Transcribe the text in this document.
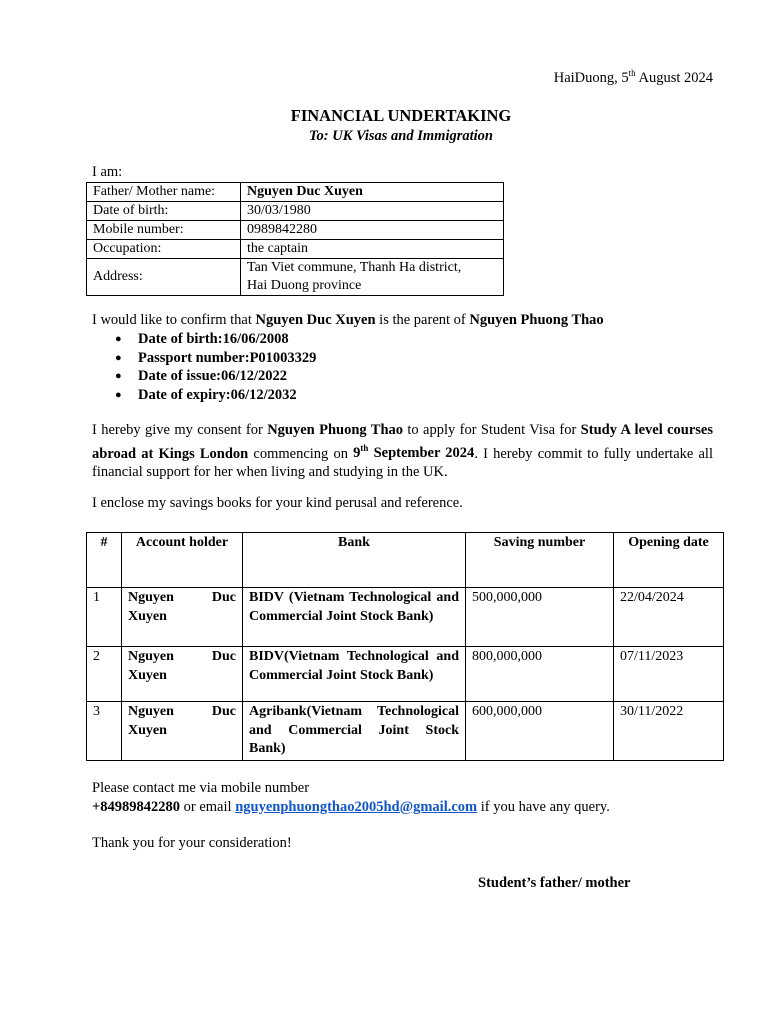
HaiDuong, 5th August 2024
FINANCIAL UNDERTAKING
To: UK Visas and Immigration
I am:
Father/ Mother name:	Nguyen Duc Xuyen
Date of birth:	30/03/1980
Mobile number:	0989842280
Occupation:	the captain
Address:	Tan Viet commune, Thanh Ha district,
Hai Duong province
I would like to confirm that Nguyen Duc Xuyen is the parent of Nguyen Phuong Thao
● Date of birth:16/06/2008
● Passport number:P01003329
● Date of issue:06/12/2022
● Date of expiry:06/12/2032
I hereby give my consent for Nguyen Phuong Thao to apply for Student Visa for Study A level courses abroad at Kings London commencing on 9th September 2024. I hereby commit to fully undertake all financial support for her when living and studying in the UK.
I enclose my savings books for your kind perusal and reference.
#	Account holder	Bank	Saving number	Opening date
1	Nguyen Duc Xuyen	BIDV (Vietnam Technological and Commercial Joint Stock Bank)	500,000,000	22/04/2024
2	Nguyen Duc Xuyen	BIDV(Vietnam Technological and Commercial Joint Stock Bank)	800,000,000	07/11/2023
3	Nguyen Duc Xuyen	Agribank(Vietnam Technological and Commercial Joint Stock Bank)	600,000,000	30/11/2022
Please contact me via mobile number
+84989842280 or email nguyenphuongthao2005hd@gmail.com if you have any query.
Thank you for your consideration!
Student’s father/ mother
